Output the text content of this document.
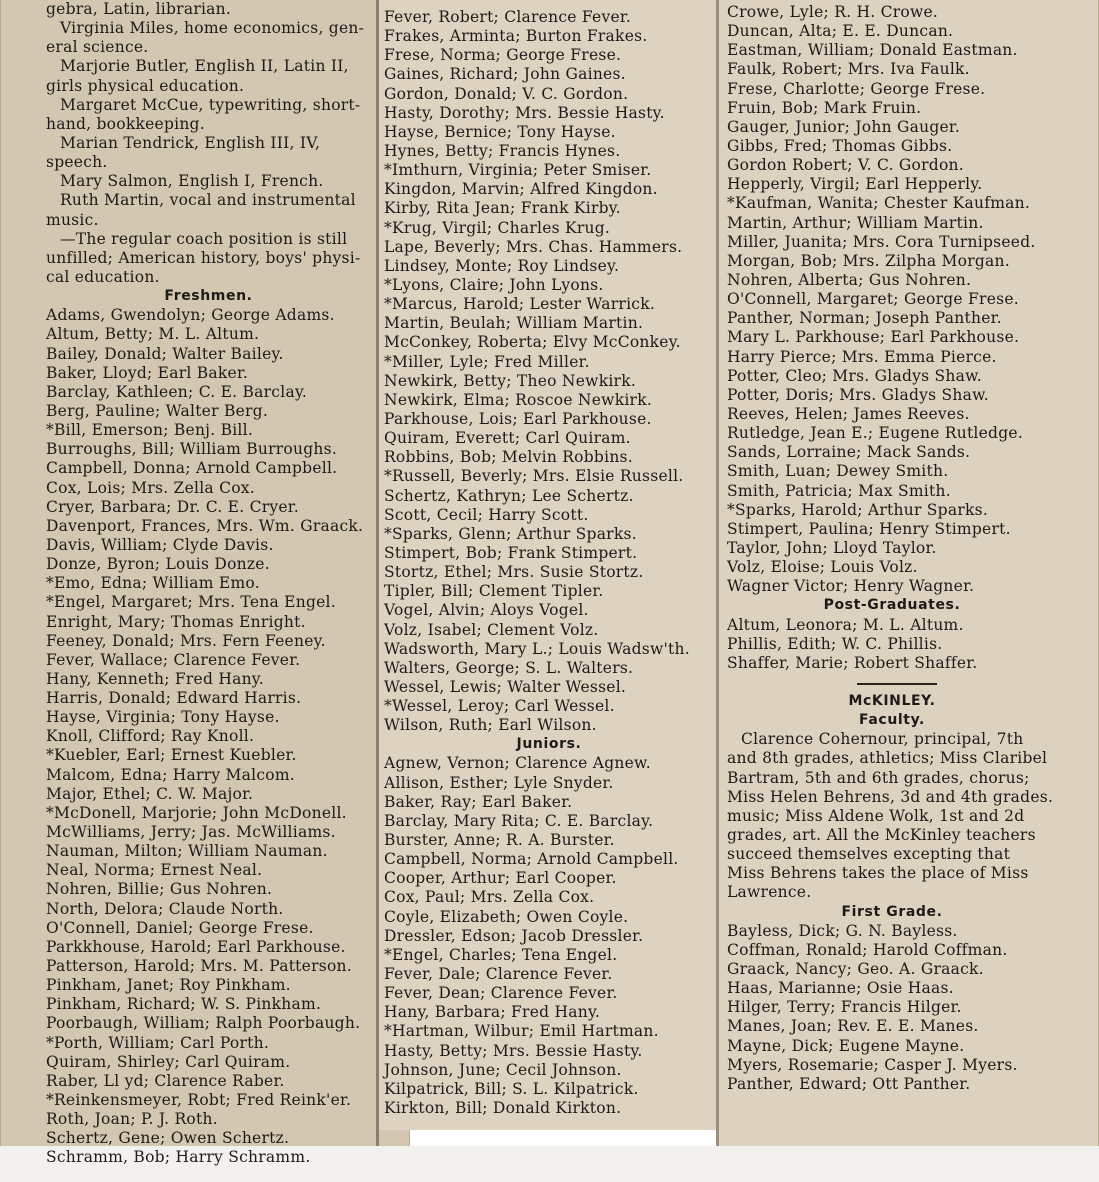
gebra, Latin, librarian.
Virginia Miles, home economics, gen-
eral science.
Marjorie Butler, English II, Latin II,
girls physical education.
Margaret McCue, typewriting, short-
hand, bookkeeping.
Marian Tendrick, English III, IV,
speech.
Mary Salmon, English I, French.
Ruth Martin, vocal and instrumental
music.
—The regular coach position is still
unfilled; American history, boys' physi-
cal education.
Freshmen.
Adams, Gwendolyn; George Adams.
Altum, Betty; M. L. Altum.
Bailey, Donald; Walter Bailey.
Baker, Lloyd; Earl Baker.
Barclay, Kathleen; C. E. Barclay.
Berg, Pauline; Walter Berg.
*Bill, Emerson; Benj. Bill.
Burroughs, Bill; William Burroughs.
Campbell, Donna; Arnold Campbell.
Cox, Lois; Mrs. Zella Cox.
Cryer, Barbara; Dr. C. E. Cryer.
Davenport, Frances, Mrs. Wm. Graack.
Davis, William; Clyde Davis.
Donze, Byron; Louis Donze.
*Emo, Edna; William Emo.
*Engel, Margaret; Mrs. Tena Engel.
Enright, Mary; Thomas Enright.
Feeney, Donald; Mrs. Fern Feeney.
Fever, Wallace; Clarence Fever.
Hany, Kenneth; Fred Hany.
Harris, Donald; Edward Harris.
Hayse, Virginia; Tony Hayse.
Knoll, Clifford; Ray Knoll.
*Kuebler, Earl; Ernest Kuebler.
Malcom, Edna; Harry Malcom.
Major, Ethel; C. W. Major.
*McDonell, Marjorie; John McDonell.
McWilliams, Jerry; Jas. McWilliams.
Nauman, Milton; William Nauman.
Neal, Norma; Ernest Neal.
Nohren, Billie; Gus Nohren.
North, Delora; Claude North.
O'Connell, Daniel; George Frese.
Parkkhouse, Harold; Earl Parkhouse.
Patterson, Harold; Mrs. M. Patterson.
Pinkham, Janet; Roy Pinkham.
Pinkham, Richard; W. S. Pinkham.
Poorbaugh, William; Ralph Poorbaugh.
*Porth, William; Carl Porth.
Quiram, Shirley; Carl Quiram.
Raber, Ll yd; Clarence Raber.
*Reinkensmeyer, Robt; Fred Reink'er.
Roth, Joan; P. J. Roth.
Schertz, Gene; Owen Schertz.
Schramm, Bob; Harry Schramm.
Fever, Robert; Clarence Fever.
Frakes, Arminta; Burton Frakes.
Frese, Norma; George Frese.
Gaines, Richard; John Gaines.
Gordon, Donald; V. C. Gordon.
Hasty, Dorothy; Mrs. Bessie Hasty.
Hayse, Bernice; Tony Hayse.
Hynes, Betty; Francis Hynes.
*Imthurn, Virginia; Peter Smiser.
Kingdon, Marvin; Alfred Kingdon.
Kirby, Rita Jean; Frank Kirby.
*Krug, Virgil; Charles Krug.
Lape, Beverly; Mrs. Chas. Hammers.
Lindsey, Monte; Roy Lindsey.
*Lyons, Claire; John Lyons.
*Marcus, Harold; Lester Warrick.
Martin, Beulah; William Martin.
McConkey, Roberta; Elvy McConkey.
*Miller, Lyle; Fred Miller.
Newkirk, Betty; Theo Newkirk.
Newkirk, Elma; Roscoe Newkirk.
Parkhouse, Lois; Earl Parkhouse.
Quiram, Everett; Carl Quiram.
Robbins, Bob; Melvin Robbins.
*Russell, Beverly; Mrs. Elsie Russell.
Schertz, Kathryn; Lee Schertz.
Scott, Cecil; Harry Scott.
*Sparks, Glenn; Arthur Sparks.
Stimpert, Bob; Frank Stimpert.
Stortz, Ethel; Mrs. Susie Stortz.
Tipler, Bill; Clement Tipler.
Vogel, Alvin; Aloys Vogel.
Volz, Isabel; Clement Volz.
Wadsworth, Mary L.; Louis Wadsw'th.
Walters, George; S. L. Walters.
Wessel, Lewis; Walter Wessel.
*Wessel, Leroy; Carl Wessel.
Wilson, Ruth; Earl Wilson.
Juniors.
Agnew, Vernon; Clarence Agnew.
Allison, Esther; Lyle Snyder.
Baker, Ray; Earl Baker.
Barclay, Mary Rita; C. E. Barclay.
Burster, Anne; R. A. Burster.
Campbell, Norma; Arnold Campbell.
Cooper, Arthur; Earl Cooper.
Cox, Paul; Mrs. Zella Cox.
Coyle, Elizabeth; Owen Coyle.
Dressler, Edson; Jacob Dressler.
*Engel, Charles; Tena Engel.
Fever, Dale; Clarence Fever.
Fever, Dean; Clarence Fever.
Hany, Barbara; Fred Hany.
*Hartman, Wilbur; Emil Hartman.
Hasty, Betty; Mrs. Bessie Hasty.
Johnson, June; Cecil Johnson.
Kilpatrick, Bill; S. L. Kilpatrick.
Kirkton, Bill; Donald Kirkton.
Crowe, Lyle; R. H. Crowe.
Duncan, Alta; E. E. Duncan.
Eastman, William; Donald Eastman.
Faulk, Robert; Mrs. Iva Faulk.
Frese, Charlotte; George Frese.
Fruin, Bob; Mark Fruin.
Gauger, Junior; John Gauger.
Gibbs, Fred; Thomas Gibbs.
Gordon Robert; V. C. Gordon.
Hepperly, Virgil; Earl Hepperly.
*Kaufman, Wanita; Chester Kaufman.
Martin, Arthur; William Martin.
Miller, Juanita; Mrs. Cora Turnipseed.
Morgan, Bob; Mrs. Zilpha Morgan.
Nohren, Alberta; Gus Nohren.
O'Connell, Margaret; George Frese.
Panther, Norman; Joseph Panther.
Mary L. Parkhouse; Earl Parkhouse.
Harry Pierce; Mrs. Emma Pierce.
Potter, Cleo; Mrs. Gladys Shaw.
Potter, Doris; Mrs. Gladys Shaw.
Reeves, Helen; James Reeves.
Rutledge, Jean E.; Eugene Rutledge.
Sands, Lorraine; Mack Sands.
Smith, Luan; Dewey Smith.
Smith, Patricia; Max Smith.
*Sparks, Harold; Arthur Sparks.
Stimpert, Paulina; Henry Stimpert.
Taylor, John; Lloyd Taylor.
Volz, Eloise; Louis Volz.
Wagner Victor; Henry Wagner.
Post-Graduates.
Altum, Leonora; M. L. Altum.
Phillis, Edith; W. C. Phillis.
Shaffer, Marie; Robert Shaffer.
McKINLEY.
Faculty.
Clarence Cohernour, principal, 7th
and 8th grades, athletics; Miss Claribel
Bartram, 5th and 6th grades, chorus;
Miss Helen Behrens, 3d and 4th grades.
music; Miss Aldene Wolk, 1st and 2d
grades, art. All the McKinley teachers
succeed themselves excepting that
Miss Behrens takes the place of Miss
Lawrence.
First Grade.
Bayless, Dick; G. N. Bayless.
Coffman, Ronald; Harold Coffman.
Graack, Nancy; Geo. A. Graack.
Haas, Marianne; Osie Haas.
Hilger, Terry; Francis Hilger.
Manes, Joan; Rev. E. E. Manes.
Mayne, Dick; Eugene Mayne.
Myers, Rosemarie; Casper J. Myers.
Panther, Edward; Ott Panther.
